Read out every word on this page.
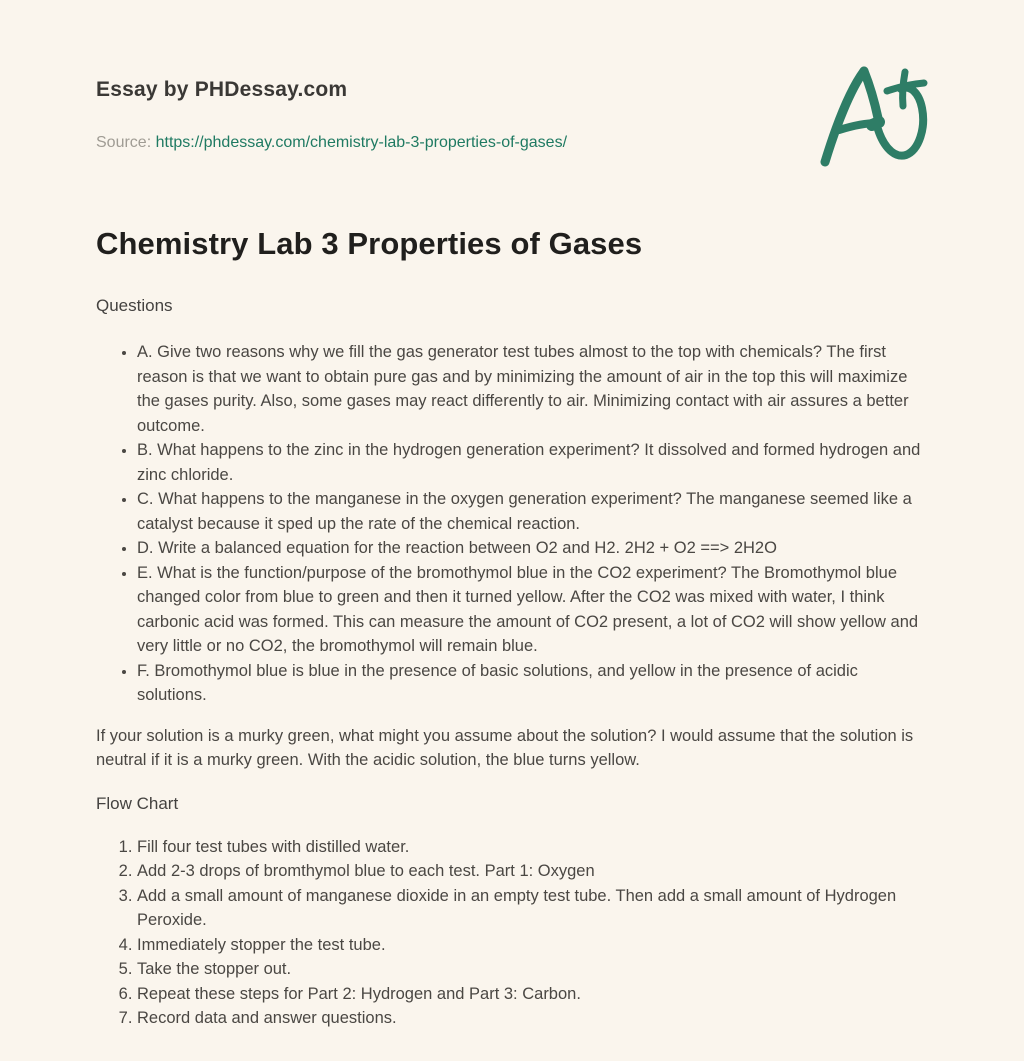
Essay by PHDessay.com
Source: https://phdessay.com/chemistry-lab-3-properties-of-gases/
Chemistry Lab 3 Properties of Gases
Questions
• A. Give two reasons why we fill the gas generator test tubes almost to the top with chemicals? The first reason is that we want to obtain pure gas and by minimizing the amount of air in the top this will maximize the gases purity. Also, some gases may react differently to air. Minimizing contact with air assures a better outcome.
• B. What happens to the zinc in the hydrogen generation experiment? It dissolved and formed hydrogen and zinc chloride.
• C. What happens to the manganese in the oxygen generation experiment? The manganese seemed like a catalyst because it sped up the rate of the chemical reaction.
• D. Write a balanced equation for the reaction between O2 and H2. 2H2 + O2 ==> 2H2O
• E. What is the function/purpose of the bromothymol blue in the CO2 experiment? The Bromothymol blue changed color from blue to green and then it turned yellow. After the CO2 was mixed with water, I think carbonic acid was formed. This can measure the amount of CO2 present, a lot of CO2 will show yellow and very little or no CO2, the bromothymol will remain blue.
• F. Bromothymol blue is blue in the presence of basic solutions, and yellow in the presence of acidic solutions.

If your solution is a murky green, what might you assume about the solution? I would assume that the solution is neutral if it is a murky green. With the acidic solution, the blue turns yellow.

Flow Chart
1. Fill four test tubes with distilled water.
2. Add 2-3 drops of bromthymol blue to each test. Part 1: Oxygen
3. Add a small amount of manganese dioxide in an empty test tube. Then add a small amount of Hydrogen Peroxide.
4. Immediately stopper the test tube.
5. Take the stopper out.
6. Repeat these steps for Part 2: Hydrogen and Part 3: Carbon.
7. Record data and answer questions.
